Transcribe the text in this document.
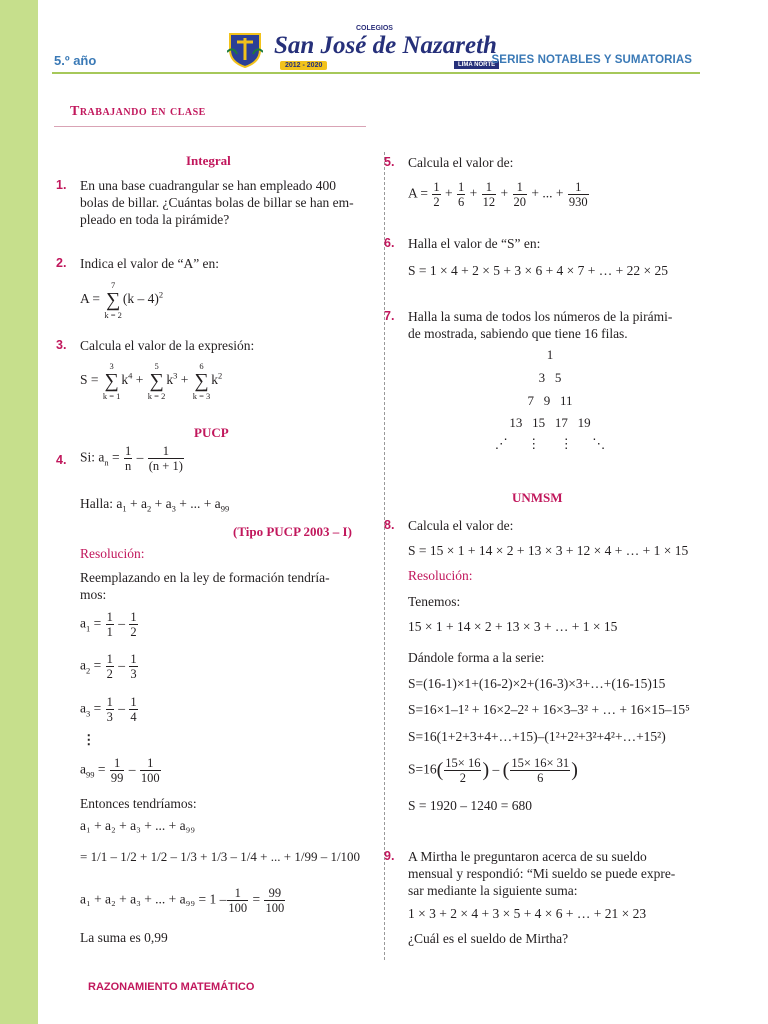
5.º año
COLEGIOS
San José de Nazareth
2012 - 2020	LIMA NORTE
SERIES NOTABLES Y SUMATORIAS
Trabajando en clase
Integral
1. En una base cuadrangular se han empleado 400
bolas de billar. ¿Cuántas bolas de billar se han em-
pleado en toda la pirámide?
2. Indica el valor de “A” en:
A =
7
∑
k = 2
(k – 4)$^2$
3. Calcula el valor de la expresión:
S =
3
∑
k = 1
$k^4$ +
5
∑
k = 2
$k^3$ +
6
∑
k = 3
$k^2$
PUCP
4. Si: $a_n = \frac{1}{n} - \frac{1}{(n + 1)}$
Halla: $a_1 + a_2 + a_3$ + ... + $a_{99}$
(Tipo PUCP 2003 – I)
Resolución:
Reemplazando en la ley de formación tendría-
mos:
$a_1 = \frac{1}{1} - \frac{1}{2}$
$a_2 = \frac{1}{2} - \frac{1}{3}$
$a_3 = \frac{1}{3} - \frac{1}{4}$
⋮
$a_{99} = \frac{1}{99} - \frac{1}{100}$
Entonces tendríamos:
a₁ + a₂ + a₃ + ... + a₉₉
= 1/1 – 1/2 + 1/2 – 1/3 + 1/3 – 1/4 + ... + 1/99 – 1/100
a₁ + a₂ + a₃ + ... + $a_{99} = 1 - \frac{1}{100} = \frac{99}{100}$
La suma es 0,99
5. Calcula el valor de:
$A = \frac{1}{2} + \frac{1}{6} + \frac{1}{12} + \frac{1}{20}$ + ... + $\frac{1}{930}$
6. Halla el valor de “S” en:
S = 1 × 4 + 2 × 5 + 3 × 6 + 4 × 7 + … + 22 × 25
7. Halla la suma de todos los números de la pirámi-
de mostrada, sabiendo que tiene 16 filas.
1
3   5
7   9   11
13   15   17   19
⋰      ⋮      ⋮      ⋱
UNMSM
8. Calcula el valor de:
S = 15 × 1 + 14 × 2 + 13 × 3 + 12 × 4 + … + 1 × 15
Resolución:
Tenemos:
15 × 1 + 14 × 2 + 13 × 3 + … + 1 × 15
Dándole forma a la serie:
S=(16-1)×1+(16-2)×2+(16-3)×3+…+(16-15)15
S=16×1–1² + 16×2–2² + 16×3–3² + … + 16×15–15⁵
S=16(1+2+3+4+…+15)–(1²+2²+3²+4²+…+15²)
$S=16( \frac{15\times 16}{2}$ ) – ( $\frac{15\times 16\times 31}{6}$ )
S = 1920 – 1240 = 680
9. A Mirtha le preguntaron acerca de su sueldo
mensual y respondió: “Mi sueldo se puede expre-
sar mediante la siguiente suma:
1 × 3 + 2 × 4 + 3 × 5 + 4 × 6 + … + 21 × 23
¿Cuál es el sueldo de Mirtha?
RAZONAMIENTO MATEMÁTICO
